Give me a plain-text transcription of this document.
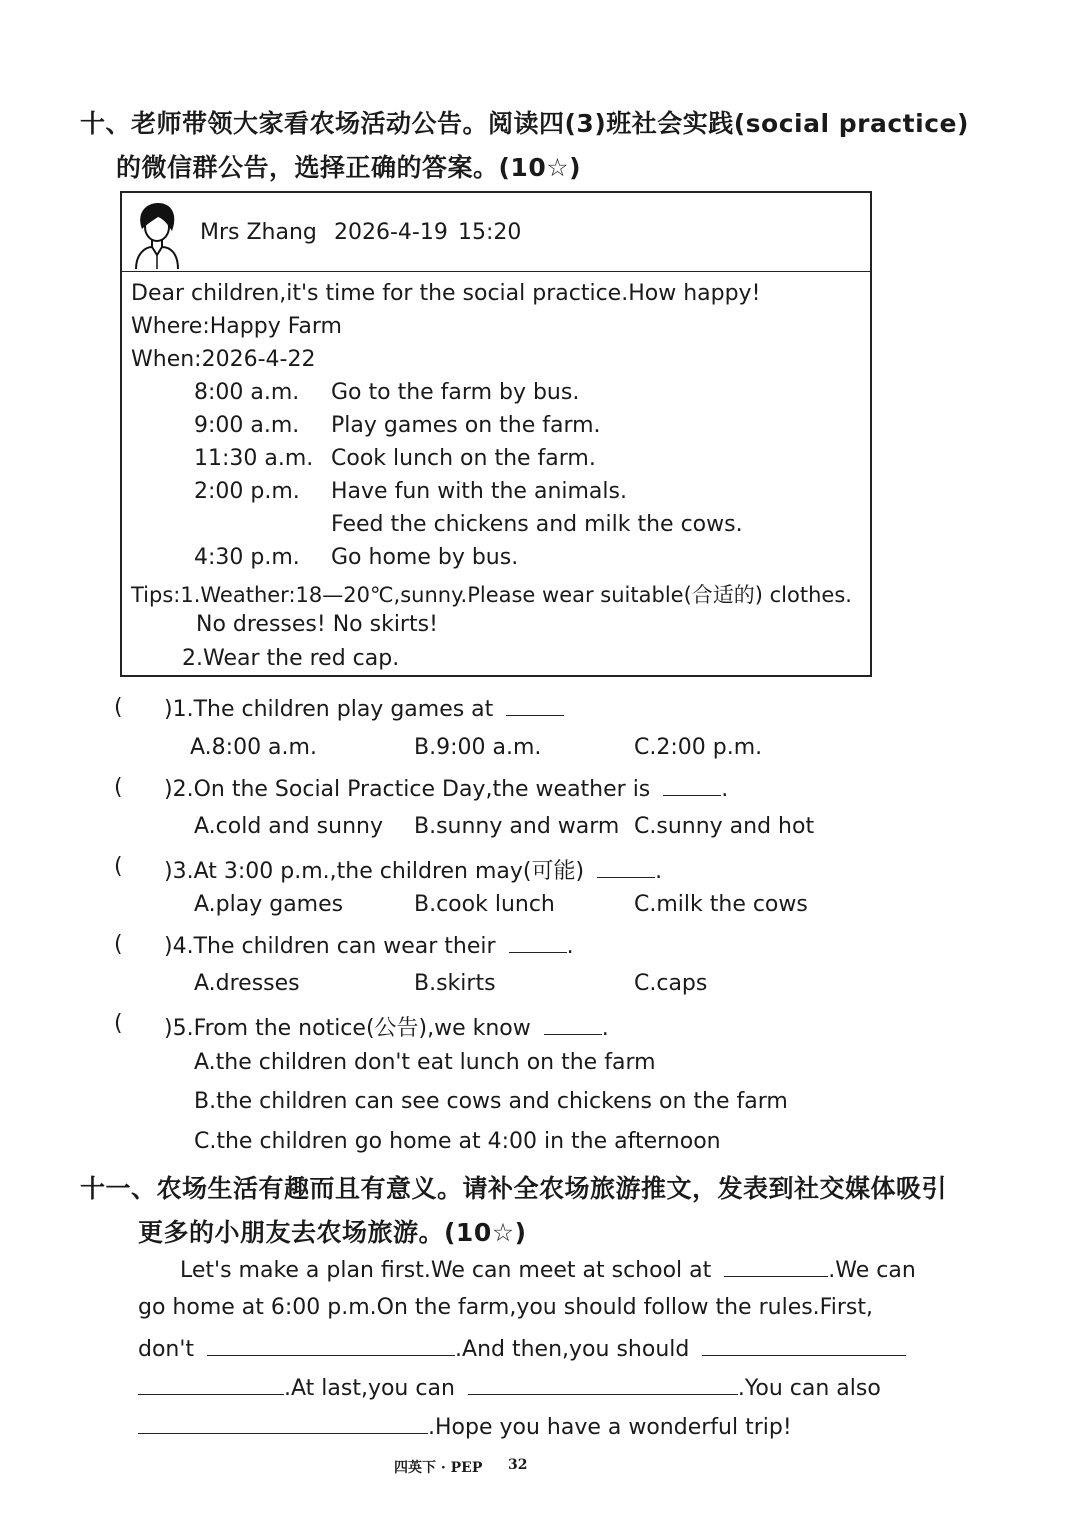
十、老师带领大家看农场活动公告。阅读四(3)班社会实践(social practice)
的微信群公告，选择正确的答案。(10☆)
Mrs Zhang 2026-4-19 15:20
Dear children,it's time for the social practice.How happy!
Where:Happy Farm
When:2026-4-22
8:00 a.m. Go to the farm by bus.
9:00 a.m. Play games on the farm.
11:30 a.m. Cook lunch on the farm.
2:00 p.m. Have fun with the animals.
Feed the chickens and milk the cows.
4:30 p.m. Go home by bus.
Tips:1.Weather:18—20℃,sunny.Please wear suitable(合适的) clothes.
No dresses! No skirts!
2.Wear the red cap.
( )1.The children play games at
A.8:00 a.m.	B.9:00 a.m.	C.2:00 p.m.
( )2.On the Social Practice Day,the weather is	.
A.cold and sunny B.sunny and warm C.sunny and hot
( )3.At 3:00 p.m.,the children may(可能)	.
A.play games	B.cook lunch	C.milk the cows
( )4.The children can wear their	.
A.dresses	B.skirts	C.caps
( )5.From the notice(公告),we know	.
A.the children don't eat lunch on the farm
B.the children can see cows and chickens on the farm
C.the children go home at 4:00 in the afternoon
十一、农场生活有趣而且有意义。请补全农场旅游推文，发表到社交媒体吸引
更多的小朋友去农场旅游。(10☆)
Let's make a plan first.We can meet at school at	.We can
go home at 6:00 p.m.On the farm,you should follow the rules.First,
don't	.And then,you should
.At last,you can	.You can also
.Hope you have a wonderful trip!
四英下 · PEP 32
